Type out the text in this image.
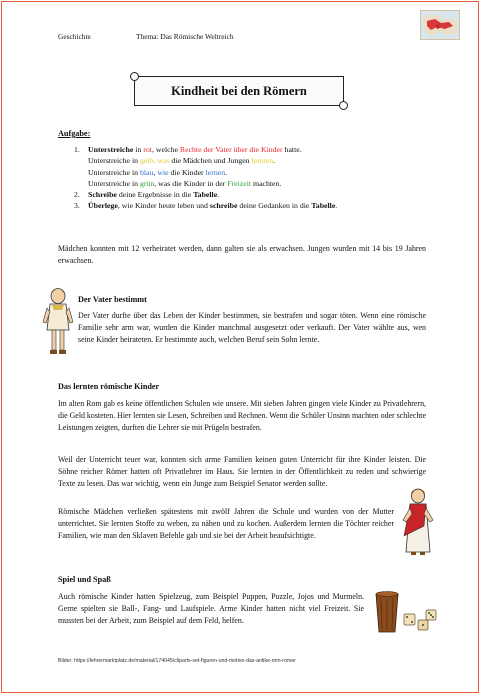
Geschichte	Thema: Das Römische Weltreich
Kindheit bei den Römern
Aufgabe:
1. Unterstreiche in rot, welche Rechte der Vater über die Kinder hatte.
Unterstreiche in gelb, was die Mädchen und Jungen lernten.
Unterstreiche in blau, wie die Kinder lernen.
Unterstreiche in grün, was die Kinder in der Freizeit machten.
2. Schreibe deine Ergebnisse in die Tabelle.
3. Überlege, wie Kinder heute leben und schreibe deine Gedanken in die Tabelle.
Mädchen konnten mit 12 verheiratet werden, dann galten sie als erwachsen. Jungen wurden mit 14 bis 19 Jahren erwachsen.
Der Vater bestimmt
Der Vater durfte über das Leben der Kinder bestimmen, sie bestrafen und sogar töten. Wenn eine römische Familie sehr arm war, wurden die Kinder manchmal ausgesetzt oder verkauft. Der Vater wählte aus, wen seine Kinder heirateten. Er bestimmte auch, welchen Beruf sein Sohn lernte.
Das lernten römische Kinder
Im alten Rom gab es keine öffentlichen Schulen wie unsere. Mit sieben Jahren gingen viele Kinder zu Privatlehrern, die Geld kosteten. Hier lernten sie Lesen, Schreiben und Rechnen. Wenn die Schüler Unsinn machten oder schlechte Leistungen zeigten, durften die Lehrer sie mit Prügeln bestrafen.
Weil der Unterricht teuer war, konnten sich arme Familien keinen guten Unterricht für ihre Kinder leisten. Die Söhne reicher Römer hatten oft Privatlehrer im Haus. Sie lernten in der Öffentlichkeit zu reden und schwierige Texte zu lesen. Das war wichtig, wenn ein Junge zum Beispiel Senator werden sollte.
Römische Mädchen verließen spätestens mit zwölf Jahren die Schule und wurden von der Mutter unterrichtet. Sie lernten Stoffe zu weben, zu nähen und zu kochen. Außerdem lernten die Töchter reicher Familien, wie man den Sklaven Befehle gab und sie bei der Arbeit beaufsichtigte.
Spiel und Spaß
Auch römische Kinder hatten Spielzeug, zum Beispiel Puppen, Puzzle, Jojos und Murmeln. Gerne spielten sie Ball-, Fang- und Laufspiele. Arme Kinder hatten nicht viel Freizeit. Sie mussten bei der Arbeit, zum Beispiel auf dem Feld, helfen.
Bilder: https://lehrermarktplatz.de/material/174045/cliparts-set-figuren-und-motive-das-antike-rom-romer
